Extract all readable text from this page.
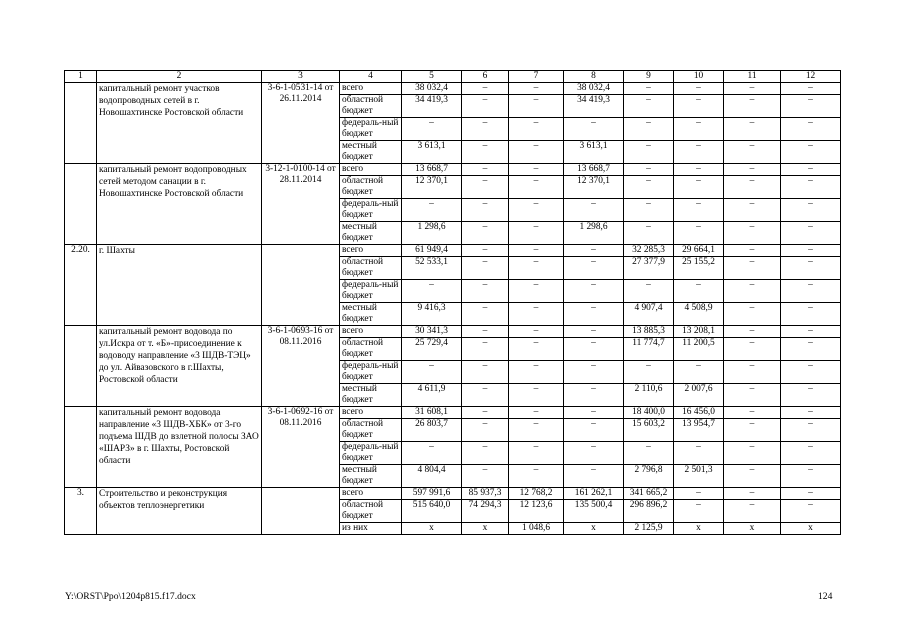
1	2	3	4	5	6	7	8	9	10	11	12
	капитальный ремонт участков водопроводных сетей в г. Новошахтинске Ростовской области	3-6-1-0531-14 от 26.11.2014	всего	38 032,4	–	–	38 032,4	–	–	–	–
			областной бюджет	34 419,3	–	–	34 419,3	–	–	–	–
			федераль-ный бюджет	–	–	–	–	–	–	–	–
			местный бюджет	3 613,1	–	–	3 613,1	–	–	–	–
	капитальный ремонт водопроводных сетей методом санации в г. Новошахтинске Ростовской области	3-12-1-0100-14 от 28.11.2014	всего	13 668,7	–	–	13 668,7	–	–	–	–
			областной бюджет	12 370,1	–	–	12 370,1	–	–	–	–
			федераль-ный бюджет	–	–	–	–	–	–	–	–
			местный бюджет	1 298,6	–	–	1 298,6	–	–	–	–
2.20.	г. Шахты		всего	61 949,4	–	–	–	32 285,3	29 664,1	–	–
			областной бюджет	52 533,1	–	–	–	27 377,9	25 155,2	–	–
			федераль-ный бюджет	–	–	–	–	–	–	–	–
			местный бюджет	9 416,3	–	–	–	4 907,4	4 508,9	–	–
	капитальный ремонт водовода по ул.Искра от т. «Б»-присоединение к водоводу направление «3 ШДВ-ТЭЦ» до ул. Айвазовского в г.Шахты, Ростовской области	3-6-1-0693-16 от 08.11.2016	всего	30 341,3	–	–	–	13 885,3	13 208,1	–	–
			областной бюджет	25 729,4	–	–	–	11 774,7	11 200,5	–	–
			федераль-ный бюджет	–	–	–	–	–	–	–	–
			местный бюджет	4 611,9	–	–	–	2 110,6	2 007,6	–	–
	капитальный ремонт водовода направление «3 ШДВ-ХБК» от 3-го подъема ШДВ до взлетной полосы ЗАО «ШАРЗ» в г. Шахты, Ростовской области	3-6-1-0692-16 от 08.11.2016	всего	31 608,1	–	–	–	18 400,0	16 456,0	–	–
			областной бюджет	26 803,7	–	–	–	15 603,2	13 954,7	–	–
			федераль-ный бюджет	–	–	–	–	–	–	–	–
			местный бюджет	4 804,4	–	–	–	2 796,8	2 501,3	–	–
3.	Строительство и реконструкция объектов теплоэнергетики		всего	597 991,6	85 937,3	12 768,2	161 262,1	341 665,2	–	–	–
			областной бюджет	515 640,0	74 294,3	12 123,6	135 500,4	296 896,2	–	–	–
			из них	x	x	1 048,6	x	2 125,9	x	x	x
Y:\ORST\Ppo\1204p815.f17.docx	124
